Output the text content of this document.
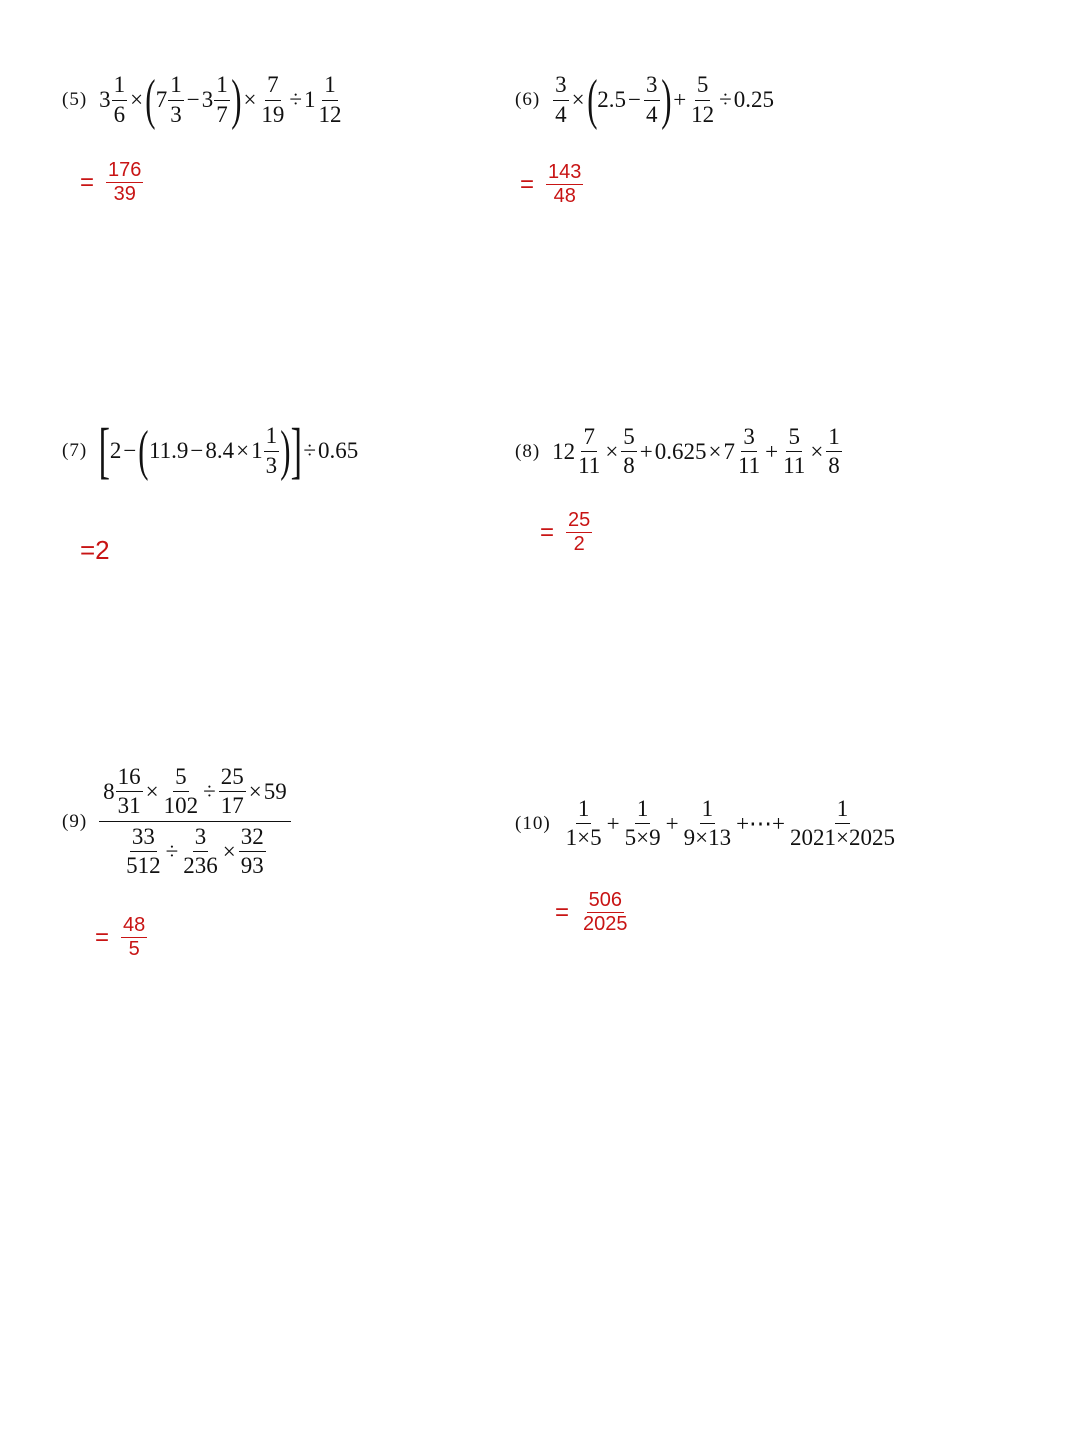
(5) $3 \frac{1}{6}$ × ( 7
1
3
− 3
1
7 ) × $\frac{7}{19} \div 1$
1
12
= $\frac{176}{39}$
$(6) \frac{3}{4}$ × ( $2.5 - \frac{3}{4}$ ) + $\frac{5}{12} \div 0.25$
= $\frac{143}{48}$
(7) [ 2 − ( 11.9 − 8.4 × 1
1
3 ) ] ÷ 0.65
=2
(8) $12 \frac{7}{11} \times \frac{5}{8} + 0.625 \times 7$
3
11
+ $\frac{5}{11} \times \frac{1}{8}$
= $\frac{25}{2}$
(9)
$8 \frac{16}{31} \times \frac{5}{102} \div \frac{25}{17} \times 59$
$\frac{33}{512} \div \frac{3}{236} \times \frac{32}{93}$
= $\frac{48}{5}$
(10)
1
1×5
+ $\frac{1}{5\times 9} + \frac{1}{9\times 13}$ +⋯+ $\frac{1}{2021\times 2025}$
= $\frac{506}{2025}$
